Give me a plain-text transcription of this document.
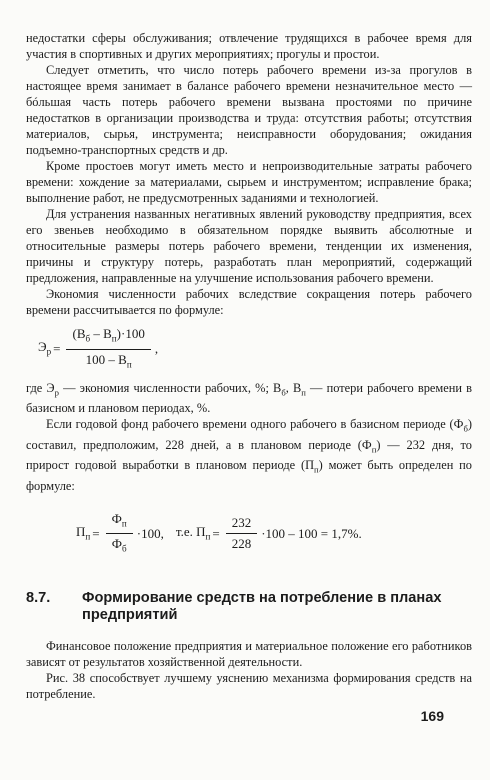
недостатки сферы обслуживания; отвлечение трудящихся в рабочее время для участия в спортивных и других мероприятиях; прогулы и простои.

Следует отметить, что число потерь рабочего времени из-за прогулов в настоящее время занимает в балансе рабочего времени незначительное место — бóльшая часть потерь рабочего времени вызвана простоями по причине недостатков в организации производства и труда: отсутствия работы; отсутствия материалов, сырья, инструмента; неисправности оборудования; ожидания подъемно-транспортных средств и др.

Кроме простоев могут иметь место и непроизводительные затраты рабочего времени: хождение за материалами, сырьем и инструментом; исправление брака; выполнение работ, не предусмотренных заданиями и технологией.

Для устранения названных негативных явлений руководству предприятия, всех его звеньев необходимо в обязательном порядке выявить абсолютные и относительные размеры потерь рабочего времени, тенденции их изменения, причины и структуру потерь, разработать план мероприятий, содержащий предложения, направленные на улучшение использования рабочего времени.

Экономия численности рабочих вследствие сокращения потерь рабочего времени рассчитывается по формуле:

$Э_р = \frac{(В_б - В_п)\cdot 100}{100 - В_п}$ ,

где $Э_р$ — экономия численности рабочих, %; $В_б$, $В_п$ — потери рабочего времени в базисном и плановом периодах, %.

Если годовой фонд рабочего времени одного рабочего в базисном периоде $(Ф_б)$ составил, предположим, 228 дней, а в плановом периоде $(Ф_п)$ — 232 дня, то прирост годовой выработки в плановом периоде $(П_п)$ может быть определен по формуле:

$П_п = \frac{Ф_п}{Ф_б} \cdot 100$, т.е. $П_п = \frac{232}{228} \cdot 100 - 100 = 1,7\%$.
8.7.	Формирование средств на потребление в планах предприятий

Финансовое положение предприятия и материальное положение его работников зависят от результатов хозяйственной деятельности.

Рис. 38 способствует лучшему уяснению механизма формирования средств на потребление.

169
